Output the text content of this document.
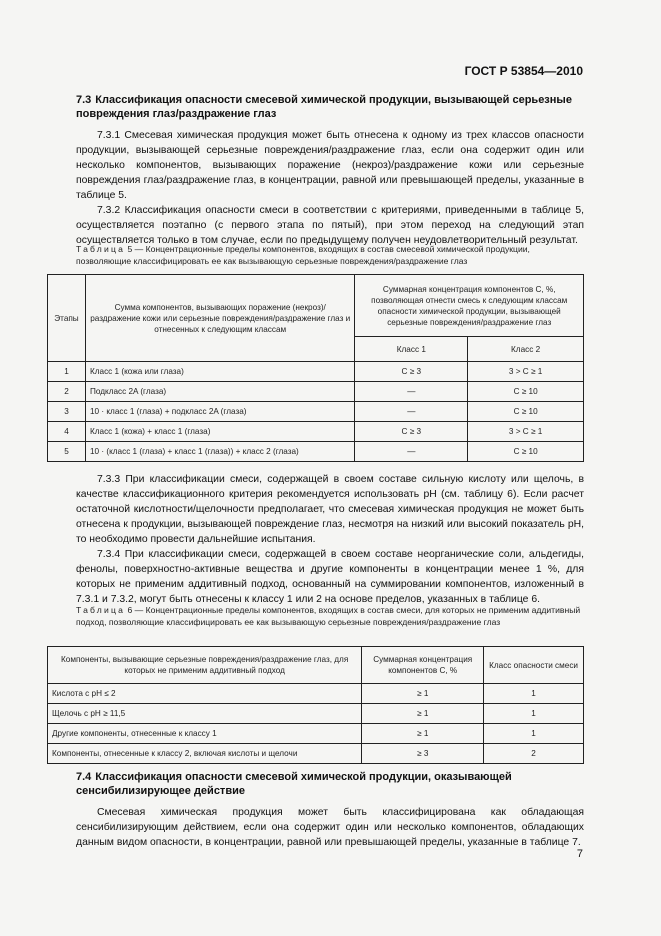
ГОСТ Р 53854—2010
7.3 Классификация опасности смесевой химической продукции, вызывающей серьезные повреждения глаз/раздражение глаз

7.3.1 Смесевая химическая продукция может быть отнесена к одному из трех классов опасности продукции, вызывающей серьезные повреждения/раздражение глаз, если она содержит один или несколько компонентов, вызывающих поражение (некроз)/раздражение кожи или серьезные повреждения глаз/раздражение глаз, в концентрации, равной или превышающей пределы, указанные в таблице 5.

7.3.2 Классификация опасности смеси в соответствии с критериями, приведенными в таблице 5, осуществляется поэтапно (с первого этапа по пятый), при этом переход на следующий этап осуществляется только в том случае, если по предыдущему получен неудовлетворительный результат.

Таблица 5 — Концентрационные пределы компонентов, входящих в состав смесевой химической продукции, позволяющие классифицировать ее как вызывающую серьезные повреждения/раздражение глаз
Этапы	Сумма компонентов, вызывающих поражение (некроз)/раздражение кожи или серьезные повреждения/раздражение глаз и отнесенных к следующим классам	Суммарная концентрация компонентов С, %, позволяющая отнести смесь к следующим классам опасности химической продукции, вызывающей серьезные повреждения/раздражение глаз	
		Класс 1	Класс 2
1	Класс 1 (кожа или глаза)	C ≥ 3	3 > C ≥ 1
2	Подкласс 2A (глаза)	—	C ≥ 10
3	10 · класс 1 (глаза) + подкласс 2A (глаза)	—	C ≥ 10
4	Класс 1 (кожа) + класс 1 (глаза)	C ≥ 3	3 > C ≥ 1
5	10 · (класс 1 (глаза) + класс 1 (глаза)) + класс 2 (глаза)	—	C ≥ 10

7.3.3 При классификации смеси, содержащей в своем составе сильную кислоту или щелочь, в качестве классификационного критерия рекомендуется использовать pH (см. таблицу 6). Если расчет остаточной кислотности/щелочности предполагает, что смесевая химическая продукция не может быть отнесена к продукции, вызывающей повреждение глаз, несмотря на низкий или высокий показатель pH, то необходимо провести дальнейшие испытания.

7.3.4 При классификации смеси, содержащей в своем составе неорганические соли, альдегиды, фенолы, поверхностно-активные вещества и другие компоненты в концентрации менее 1 %, для которых не применим аддитивный подход, основанный на суммировании компонентов, изложенный в 7.3.1 и 7.3.2, могут быть отнесены к классу 1 или 2 на основе пределов, указанных в таблице 6.

Таблица 6 — Концентрационные пределы компонентов, входящих в состав смеси, для которых не применим аддитивный подход, позволяющие классифицировать ее как вызывающую серьезные повреждения/раздражение глаз
Компоненты, вызывающие серьезные повреждения/раздражение глаз, для которых не применим аддитивный подход	Суммарная концентрация компонентов С, %	Класс опасности смеси
Кислота с pH ≤ 2	≥ 1	1
Щелочь с pH ≥ 11,5	≥ 1	1
Другие компоненты, отнесенные к классу 1	≥ 1	1
Компоненты, отнесенные к классу 2, включая кислоты и щелочи	≥ 3	2
7.4 Классификация опасности смесевой химической продукции, оказывающей сенсибилизирующее действие

Смесевая химическая продукция может быть классифицирована как обладающая сенсибилизирующим действием, если она содержит один или несколько компонентов, обладающих данным видом опасности, в концентрации, равной или превышающей пределы, указанные в таблице 7.

7
